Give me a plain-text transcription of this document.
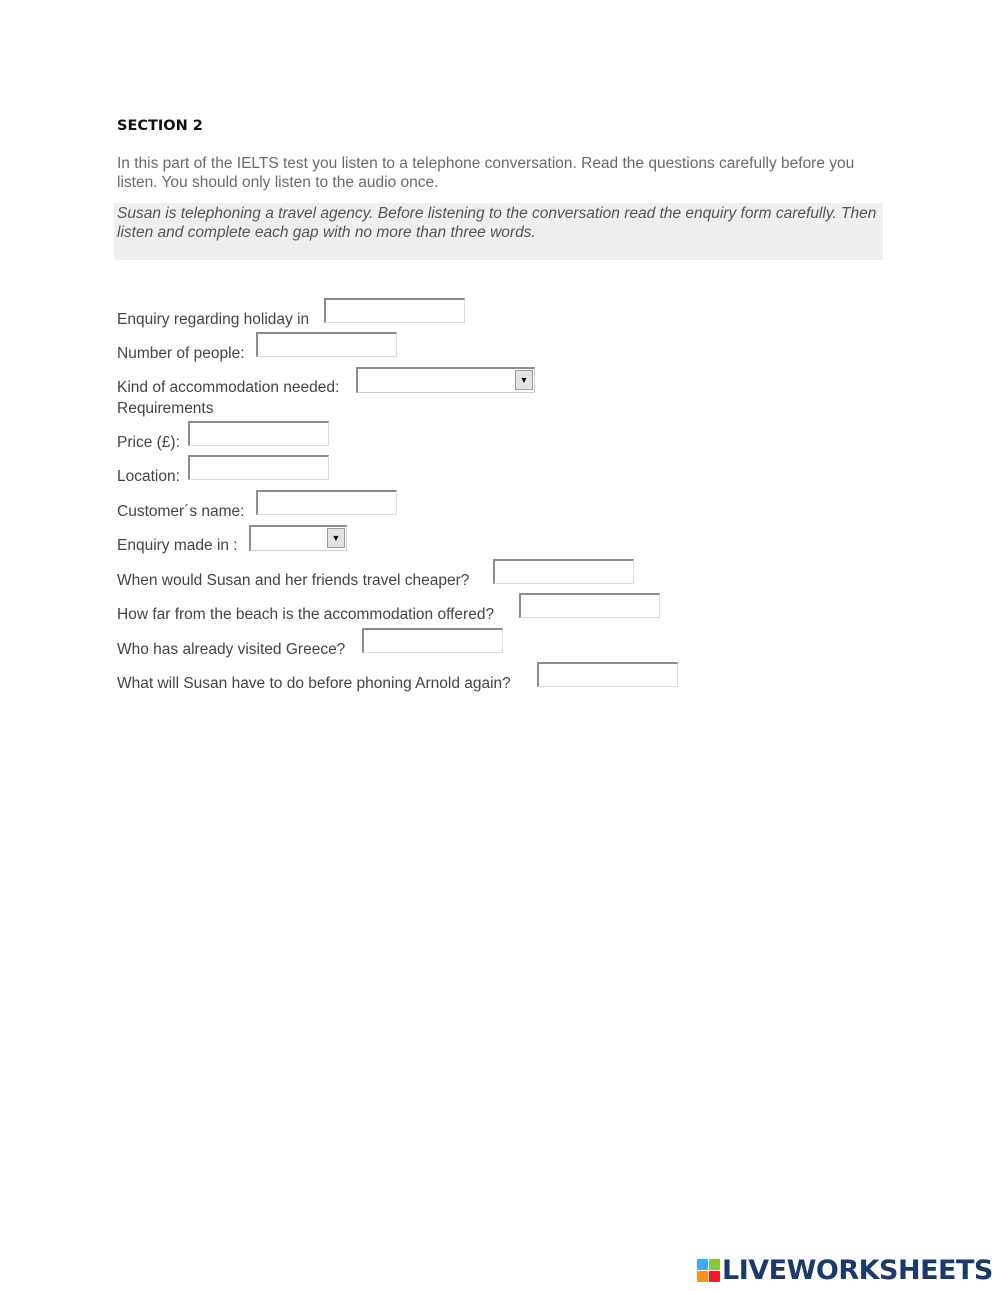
SECTION 2
In this part of the IELTS test you listen to a telephone conversation. Read the questions carefully before you listen. You should only listen to the audio once.
Susan is telephoning a travel agency. Before listening to the conversation read the enquiry form carefully. Then listen and complete each gap with no more than three words.
Enquiry regarding holiday in
Number of people:
Kind of accommodation needed:	▼
Requirements
Price (£):
Location:
Customer´s name:
Enquiry made in :	▼
When would Susan and her friends travel cheaper?
How far from the beach is the accommodation offered?
Who has already visited Greece?
What will Susan have to do before phoning Arnold again?
LIVEWORKSHEETS
